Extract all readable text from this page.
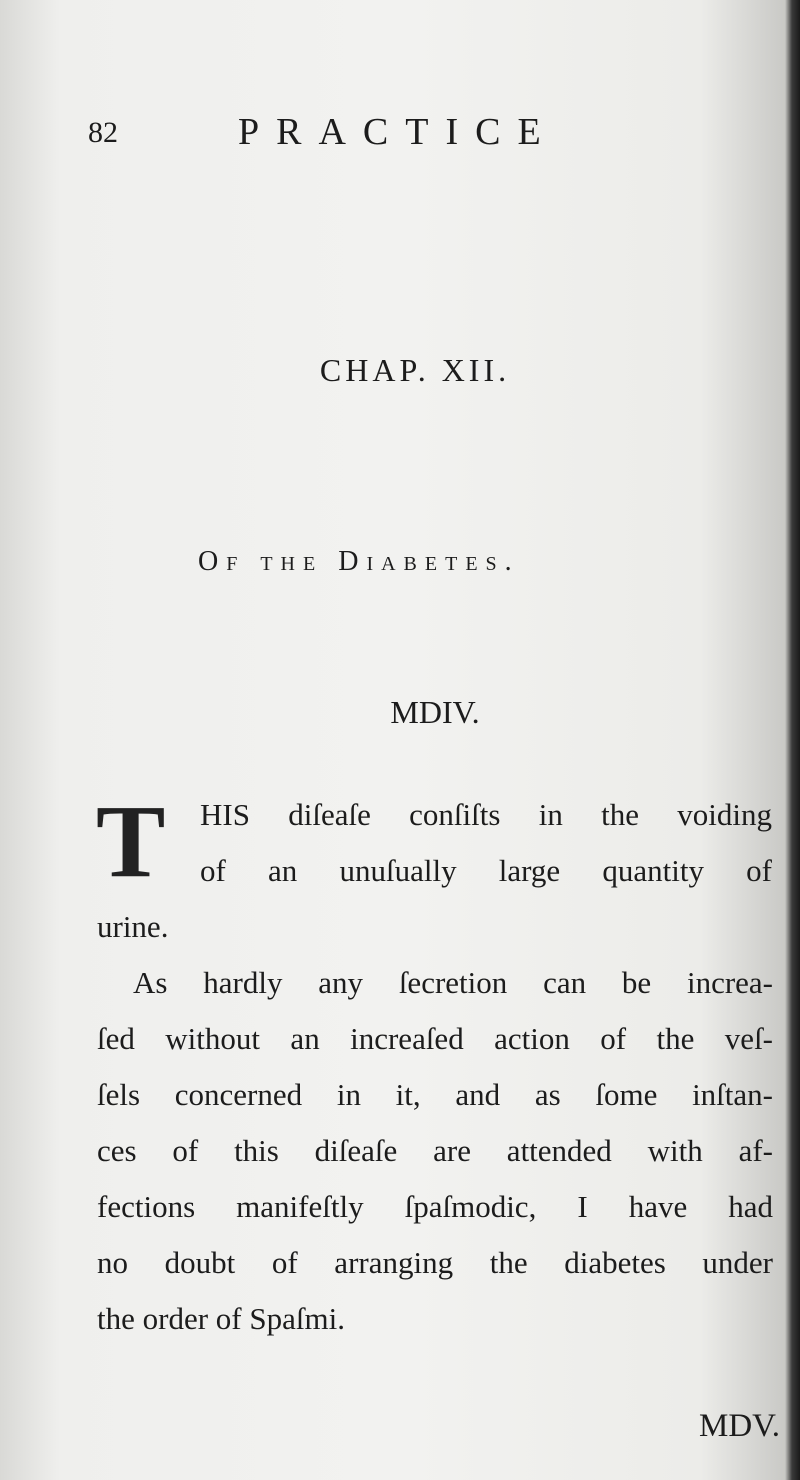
82	PRACTICE
CHAP. XII.
Of the Diabetes.
MDIV.
T HIS diſeaſe conſiſts in the voiding
of an unuſually large quantity of
urine.
As hardly any ſecretion can be increa-
ſed without an increaſed action of the veſ-
ſels concerned in it, and as ſome inſtan-
ces of this diſeaſe are attended with af-
fections manifeſtly ſpaſmodic, I have had
no doubt of arranging the diabetes under
the order of Spaſmi.
MDV.
